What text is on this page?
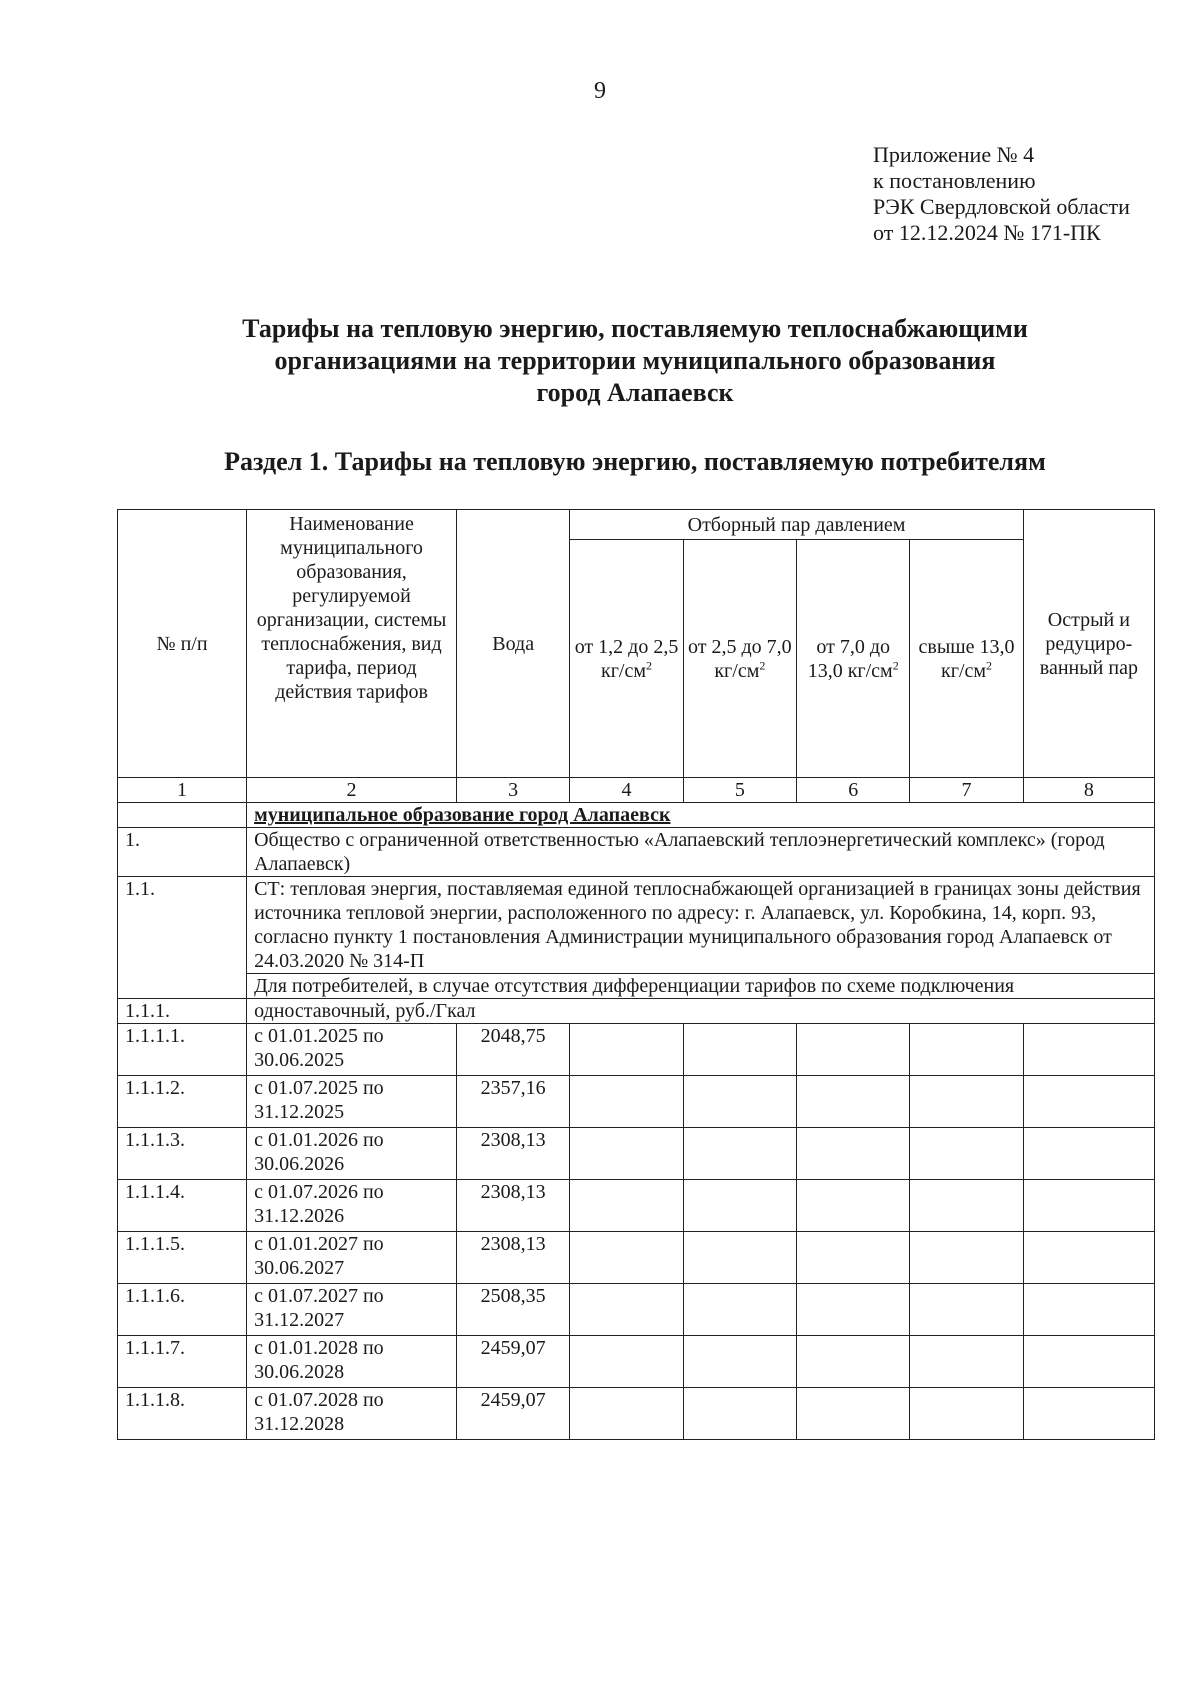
9
Приложение № 4
к постановлению
РЭК Свердловской области
от 12.12.2024 № 171-ПК
Тарифы на тепловую энергию, поставляемую теплоснабжающими
организациями на территории муниципального образования
город Алапаевск
Раздел 1. Тарифы на тепловую энергию, поставляемую потребителям
№ п/п	Наименование муниципального образования, регулируемой организации, системы теплоснабжения, вид тарифа, период действия тарифов	Вода	Отборный пар давлением				Острый и редуциро-ванный пар
			от 1,2 до 2,5 $кг/см^2$	от 2,5 до 7,0 $кг/см^2$	от 7,0 до 13,0 $кг/см^2$	свыше 13,0 $кг/см^2$
1	2	3	4	5	6	7	8
	муниципальное образование город Алапаевск						
1.	Общество с ограниченной ответственностью «Алапаевский теплоэнергетический комплекс» (город Алапаевск)						
1.1.	СТ: тепловая энергия, поставляемая единой теплоснабжающей организацией в границах зоны действия источника тепловой энергии, расположенного по адресу: г. Алапаевск, ул. Коробкина, 14, корп. 93, согласно пункту 1 постановления Администрации муниципального образования город Алапаевск от 24.03.2020 № 314-П						
	Для потребителей, в случае отсутствия дифференциации тарифов по схеме подключения						
1.1.1.	одноставочный, руб./Гкал						
1.1.1.1.	с 01.01.2025 по 30.06.2025	2048,75					
1.1.1.2.	с 01.07.2025 по 31.12.2025	2357,16					
1.1.1.3.	с 01.01.2026 по 30.06.2026	2308,13					
1.1.1.4.	с 01.07.2026 по 31.12.2026	2308,13					
1.1.1.5.	с 01.01.2027 по 30.06.2027	2308,13					
1.1.1.6.	с 01.07.2027 по 31.12.2027	2508,35					
1.1.1.7.	с 01.01.2028 по 30.06.2028	2459,07					
1.1.1.8.	с 01.07.2028 по 31.12.2028	2459,07					
